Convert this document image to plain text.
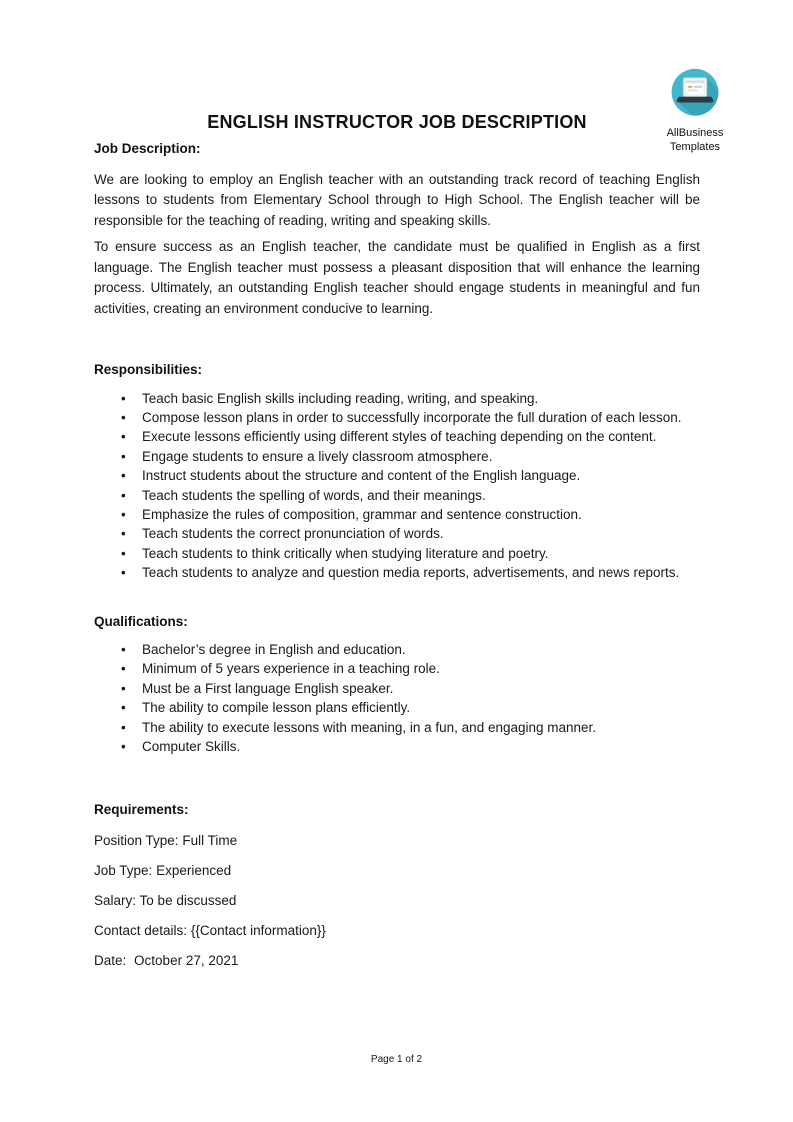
AllBusiness
Templates
ENGLISH INSTRUCTOR JOB DESCRIPTION
Job Description:

We are looking to employ an English teacher with an outstanding track record of teaching English lessons to students from Elementary School through to High School. The English teacher will be responsible for the teaching of reading, writing and speaking skills.

To ensure success as an English teacher, the candidate must be qualified in English as a first language. The English teacher must possess a pleasant disposition that will enhance the learning process. Ultimately, an outstanding English teacher should engage students in meaningful and fun activities, creating an environment conducive to learning.

Responsibilities:
• Teach basic English skills including reading, writing, and speaking.
• Compose lesson plans in order to successfully incorporate the full duration of each lesson.
• Execute lessons efficiently using different styles of teaching depending on the content.
• Engage students to ensure a lively classroom atmosphere.
• Instruct students about the structure and content of the English language.
• Teach students the spelling of words, and their meanings.
• Emphasize the rules of composition, grammar and sentence construction.
• Teach students the correct pronunciation of words.
• Teach students to think critically when studying literature and poetry.
• Teach students to analyze and question media reports, advertisements, and news reports.
Qualifications:
• Bachelor’s degree in English and education.
• Minimum of 5 years experience in a teaching role.
• Must be a First language English speaker.
• The ability to compile lesson plans efficiently.
• The ability to execute lessons with meaning, in a fun, and engaging manner.
• Computer Skills.
Requirements:

Position Type: Full Time

Job Type: Experienced

Salary: To be discussed

Contact details: {{Contact information}}

Date: October 27, 2021

Page 1 of 2
